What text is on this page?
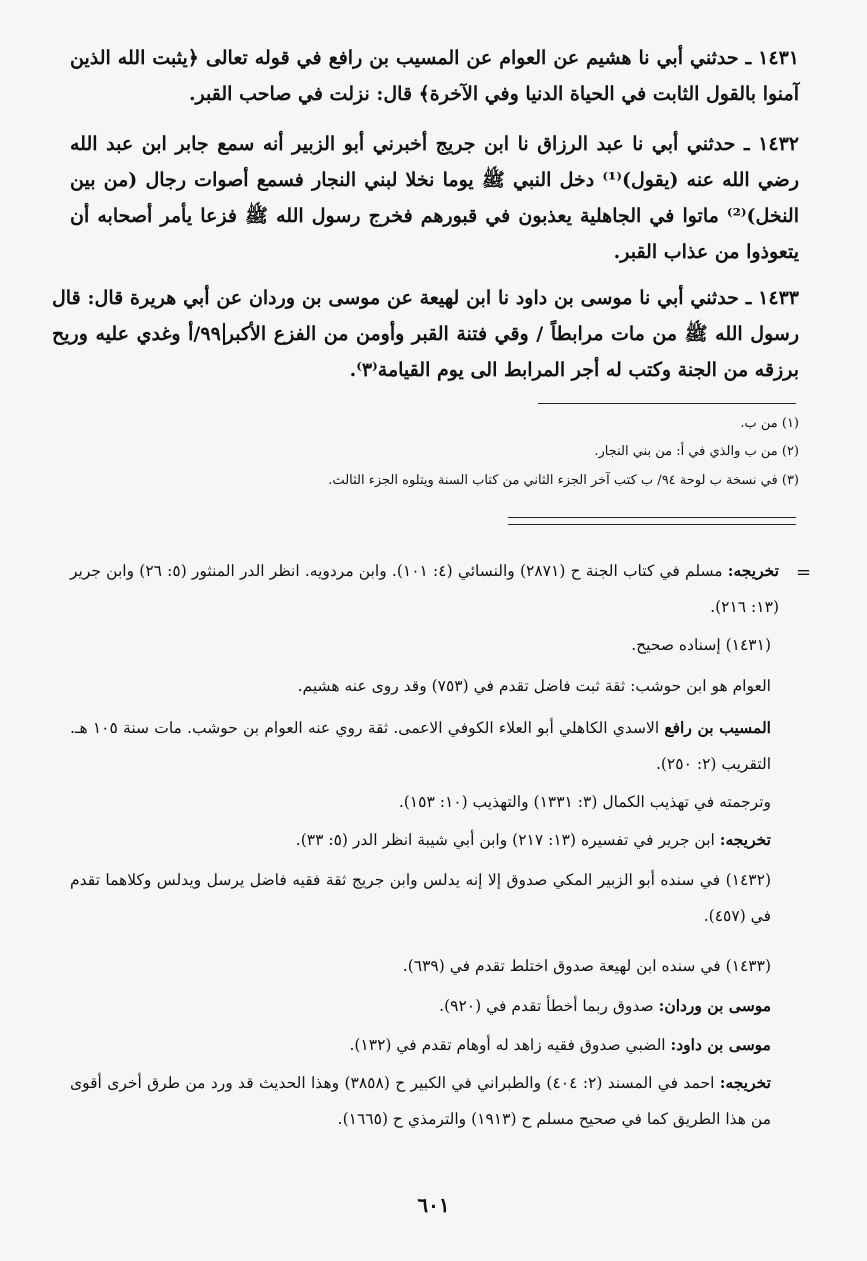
١٤٣١ ـ حدثني أبي نا هشيم عن العوام عن المسيب بن رافع في قوله تعالى ﴿يثبت الله الذين آمنوا بالقول الثابت في الحياة الدنيا وفي الآخرة﴾ قال: نزلت في صاحب القبر.
١٤٣٢ ـ حدثني أبي نا عبد الرزاق نا ابن جريج أخبرني أبو الزبير أنه سمع جابر ابن عبد الله رضي الله عنه (يقول)⁽¹⁾ دخل النبي ﷺ يوما نخلا لبني النجار فسمع أصوات رجال (من بين النخل)⁽²⁾ ماتوا في الجاهلية يعذبون في قبورهم فخرج رسول الله ﷺ فزعا يأمر أصحابه أن يتعوذوا من عذاب القبر.
١٤٣٣ ـ حدثني أبي نا موسى بن داود نا ابن لهيعة عن موسى بن وردان عن أبي هريرة قال: قال رسول الله ﷺ من مات مرابطاً / وقي فتنة القبر وأومن من الفزع الأكبر٩٩/أ وغدي عليه وريح برزقه من الجنة وكتب له أجر المرابط الى يوم القيامة⁽٣⁾.
(١) من ب.
(٢) من ب والذي في أ: من بني النجار.
(٣) في نسخة ب لوحة ٩٤/ ب كتب آخر الجزء الثاني من كتاب السنة ويتلوه الجزء الثالث.
=
تخريجه: مسلم في كتاب الجنة ح (٢٨٧١) والنسائي (٤: ١٠١). وابن مردويه. انظر الدر المنثور (٥: ٢٦) وابن جرير (١٣: ٢١٦).
(١٤٣١) إسناده صحيح.
العوام هو ابن حوشب: ثقة ثبت فاضل تقدم في (٧٥٣) وقد روى عنه هشيم.
المسيب بن رافع الاسدي الكاهلي أبو العلاء الكوفي الاعمى. ثقة روي عنه العوام بن حوشب. مات سنة ١٠٥ هـ. التقريب (٢: ٢٥٠).
وترجمته في تهذيب الكمال (٣: ١٣٣١) والتهذيب (١٠: ١٥٣).
تخريجه: ابن جرير في تفسيره (١٣: ٢١٧) وابن أبي شيبة انظر الدر (٥: ٣٣).
(١٤٣٢) في سنده أبو الزبير المكي صدوق إلا إنه يدلس وابن جريج ثقة فقيه فاضل يرسل ويدلس وكلاهما تقدم في (٤٥٧).
(١٤٣٣) في سنده ابن لهيعة صدوق اختلط تقدم في (٦٣٩).
موسى بن وردان: صدوق ربما أخطأ تقدم في (٩٢٠).
موسى بن داود: الضبي صدوق فقيه زاهد له أوهام تقدم في (١٣٢).
تخريجه: احمد في المسند (٢: ٤٠٤) والطبراني في الكبير ح (٣٨٥٨) وهذا الحديث قد ورد من طرق أخرى أقوى من هذا الطريق كما في صحيح مسلم ح (١٩١٣) والترمذي ح (١٦٦٥).
٦٠١
